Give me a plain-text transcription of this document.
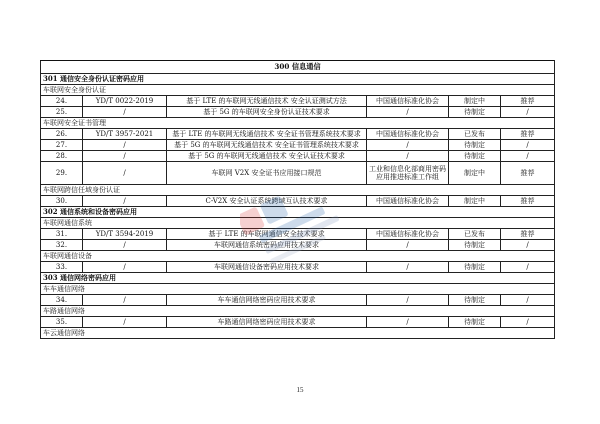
300 信息通信					
301 通信安全身份认证密码应用					
车联网安全身份认证					
24.	YD/T 0022-2019	基于 LTE 的车联网无线通信技术 安全认证测试方法	中国通信标准化协会	制定中	推荐
25.	/	基于 5G 的车联网安全身份认证技术要求	/	待制定	/
车联网安全证书管理					
26.	YD/T 3957-2021	基于 LTE 的车联网无线通信技术 安全证书管理系统技术要求	中国通信标准化协会	已发布	推荐
27.	/	基于 5G 的车联网无线通信技术 安全证书管理系统技术要求	/	待制定	/
28.	/	基于 5G 的车联网无线通信技术 安全认证技术要求	/	待制定	/
29.	/	车联网 V2X 安全证书应用接口规范	工业和信息化部商用密码应用推进标准工作组	制定中	推荐
车联网跨信任域身份认证					
30.	/	C-V2X 安全认证系统跨域互认技术要求	中国通信标准化协会	制定中	推荐
302 通信系统和设备密码应用					
车联网通信系统					
31.	YD/T 3594-2019	基于 LTE 的车联网通信安全技术要求	中国通信标准化协会	已发布	推荐
32.	/	车联网通信系统密码应用技术要求	/	待制定	/
车联网通信设备					
33.	/	车联网通信设备密码应用技术要求	/	待制定	/
303 通信网络密码应用					
车车通信网络					
34.	/	车车通信网络密码应用技术要求	/	待制定	/
车路通信网络					
35.	/	车路通信网络密码应用技术要求	/	待制定	/
车云通信网络					
15
